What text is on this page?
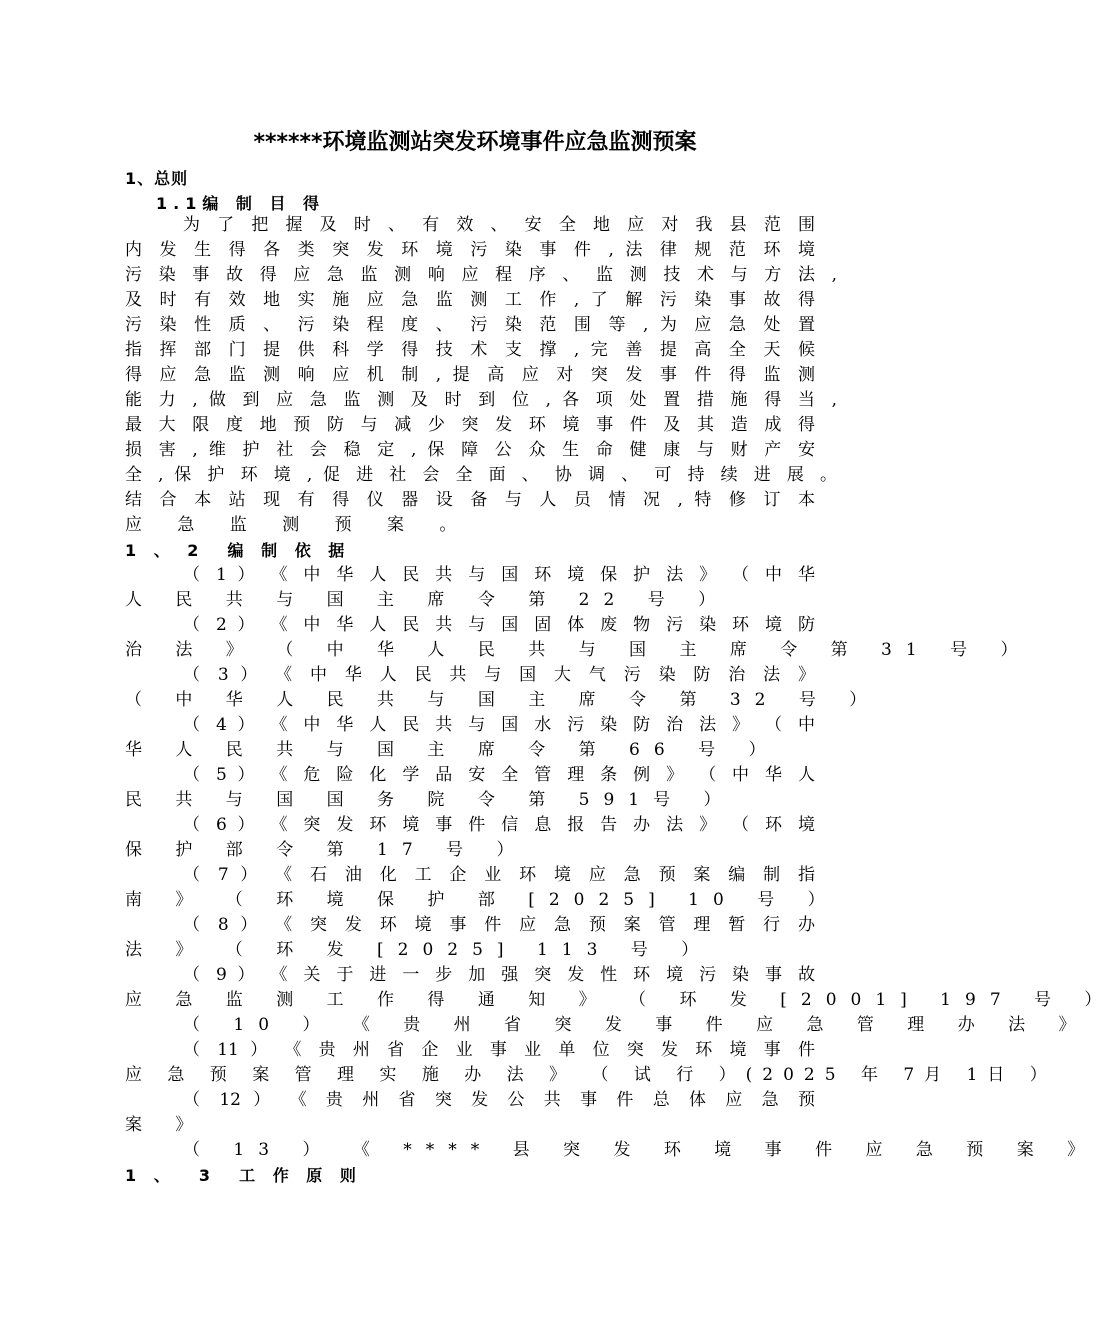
******环境监测站突发环境事件应急监测预案
1、总则
1.1编 制 目 得
为 了 把 握 及 时 、 有 效 、 安 全 地 应 对 我 县 范 围
内 发 生 得 各 类 突 发 环 境 污 染 事 件 , 法 律 规 范 环 境
污 染 事 故 得 应 急 监 测 响 应 程 序 、 监 测 技 术 与 方 法 ,
及 时 有 效 地 实 施 应 急 监 测 工 作 , 了 解 污 染 事 故 得
污 染 性 质 、 污 染 程 度 、 污 染 范 围 等 , 为 应 急 处 置
指 挥 部 门 提 供 科 学 得 技 术 支 撑 , 完 善 提 高 全 天 候
得 应 急 监 测 响 应 机 制 , 提 高 应 对 突 发 事 件 得 监 测
能 力 , 做 到 应 急 监 测 及 时 到 位 , 各 项 处 置 措 施 得 当 ,
最 大 限 度 地 预 防 与 减 少 突 发 环 境 事 件 及 其 造 成 得
损 害 , 维 护 社 会 稳 定 , 保 障 公 众 生 命 健 康 与 财 产 安
全 , 保 护 环 境 , 促 进 社 会 全 面 、 协 调 、 可 持 续 进 展 。
结 合 本 站 现 有 得 仪 器 设 备 与 人 员 情 况 , 特 修 订 本
应 急 监 测 预 案 。
1 、 2  编 制 依 据
（ 1 ） 《 中 华 人 民 共 与 国 环 境 保 护 法 》 （ 中 华
人 民 共 与 国 主 席 令 第 22 号 ）
（ 2 ） 《 中 华 人 民 共 与 国 固 体 废 物 污 染 环 境 防
治 法 》 （ 中 华 人 民 共 与 国 主 席 令 第 31 号 ）
（ 3 ） 《 中 华 人 民 共 与 国 大 气 污 染 防 治 法 》
（ 中 华 人 民 共 与 国 主 席 令 第 32 号 ）
（ 4 ） 《 中 华 人 民 共 与 国 水 污 染 防 治 法 》 （ 中
华 人 民 共 与 国 主 席 令 第 66 号 ）
（ 5 ） 《 危 险 化 学 品 安 全 管 理 条 例 》 （ 中 华 人
民 共 与 国 国 务 院 令 第 591号 ）
（ 6 ） 《 突 发 环 境 事 件 信 息 报 告 办 法 》 （ 环 境
保 护 部 令 第 17 号 ）
（ 7 ） 《 石 油 化 工 企 业 环 境 应 急 预 案 编 制 指
南 》 （ 环 境 保 护 部 [2025] 10 号 ）
（ 8 ） 《 突 发 环 境 事 件 应 急 预 案 管 理 暂 行 办
法 》 （ 环 发 [2025] 113 号 ）
（ 9 ） 《 关 于 进 一 步 加 强 突 发 性 环 境 污 染 事 故
应 急 监 测 工 作 得 通 知 》 （ 环 发 [2001] 197 号 ）
（ 10 ） 《 贵 州 省 突 发 事 件 应 急 管 理 办 法 》
（ 11 ） 《 贵 州 省 企 业 事 业 单 位 突 发 环 境 事 件
应 急 预 案 管 理 实 施 办 法 》 （ 试 行 ）(2025 年 7月 1日 ）
（ 12 ） 《 贵 州 省 突 发 公 共 事 件 总 体 应 急 预
案 》
（ 13 ） 《 **** 县 突 发 环 境 事 件 应 急 预 案 》
1 、  3  工 作 原 则
